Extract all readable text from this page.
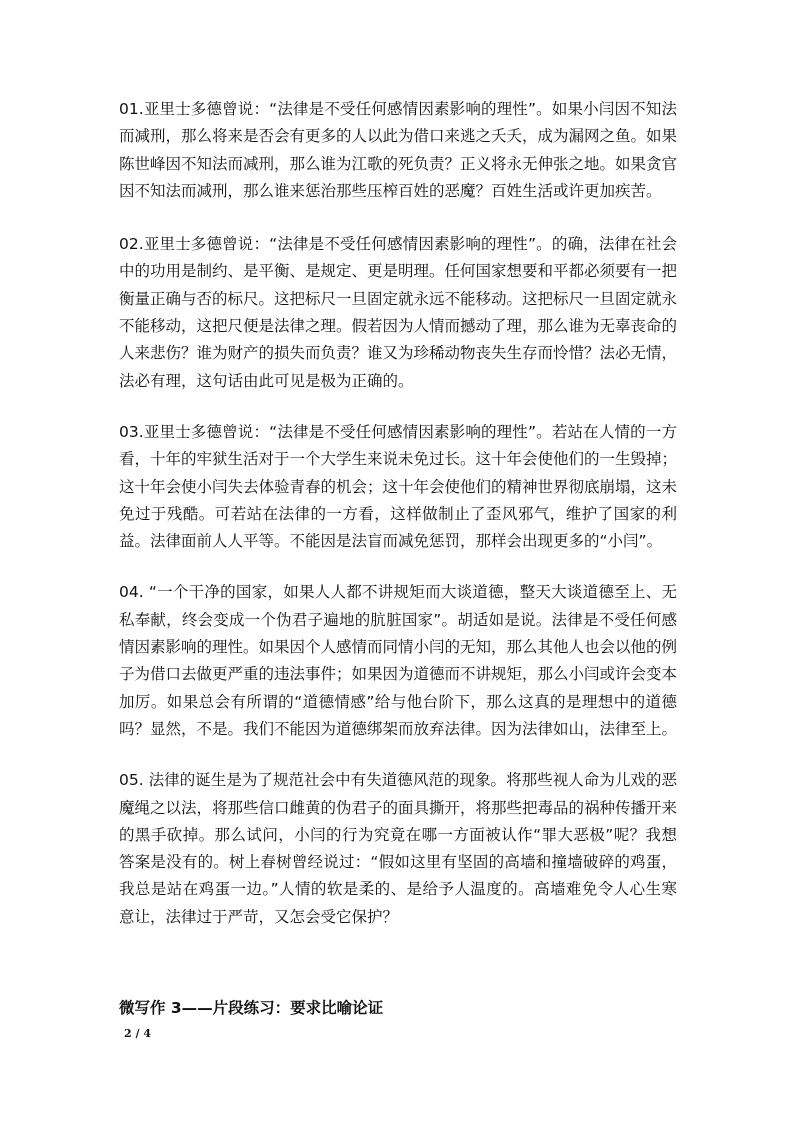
01.亚里士多德曾说：“法律是不受任何感情因素影响的理性”。如果小闫因不知法而减刑，那么将来是否会有更多的人以此为借口来逃之夭夭，成为漏网之鱼。如果陈世峰因不知法而减刑，那么谁为江歌的死负责？正义将永无伸张之地。如果贪官因不知法而减刑，那么谁来惩治那些压榨百姓的恶魔？百姓生活或许更加疾苦。

02.亚里士多德曾说：“法律是不受任何感情因素影响的理性”。的确，法律在社会中的功用是制约、是平衡、是规定、更是明理。任何国家想要和平都必须要有一把衡量正确与否的标尺。这把标尺一旦固定就永远不能移动。这把标尺一旦固定就永不能移动，这把尺便是法律之理。假若因为人情而撼动了理，那么谁为无辜丧命的人来悲伤？谁为财产的损失而负责？谁又为珍稀动物丧失生存而怜惜？法必无情，法必有理，这句话由此可见是极为正确的。

03.亚里士多德曾说：“法律是不受任何感情因素影响的理性”。若站在人情的一方看，十年的牢狱生活对于一个大学生来说未免过长。这十年会使他们的一生毁掉；这十年会使小闫失去体验青春的机会；这十年会使他们的精神世界彻底崩塌，这未免过于残酷。可若站在法律的一方看，这样做制止了歪风邪气，维护了国家的利益。法律面前人人平等。不能因是法盲而减免惩罚，那样会出现更多的“小闫”。

04. “一个干净的国家，如果人人都不讲规矩而大谈道德，整天大谈道德至上、无私奉献，终会变成一个伪君子遍地的肮脏国家”。胡适如是说。法律是不受任何感情因素影响的理性。如果因个人感情而同情小闫的无知，那么其他人也会以他的例子为借口去做更严重的违法事件；如果因为道德而不讲规矩，那么小闫或许会变本加厉。如果总会有所谓的“道德情感”给与他台阶下，那么这真的是理想中的道德吗？显然，不是。我们不能因为道德绑架而放弃法律。因为法律如山，法律至上。

05. 法律的诞生是为了规范社会中有失道德风范的现象。将那些视人命为儿戏的恶魔绳之以法，将那些信口雌黄的伪君子的面具撕开，将那些把毒品的祸种传播开来的黑手砍掉。那么试问，小闫的行为究竟在哪一方面被认作“罪大恶极”呢？我想答案是没有的。树上春树曾经说过：“假如这里有坚固的高墙和撞墙破碎的鸡蛋，我总是站在鸡蛋一边。”人情的软是柔的、是给予人温度的。高墙难免令人心生寒意让，法律过于严苛，又怎会受它保护？

微写作 3——片段练习：要求比喻论证
2 / 4
